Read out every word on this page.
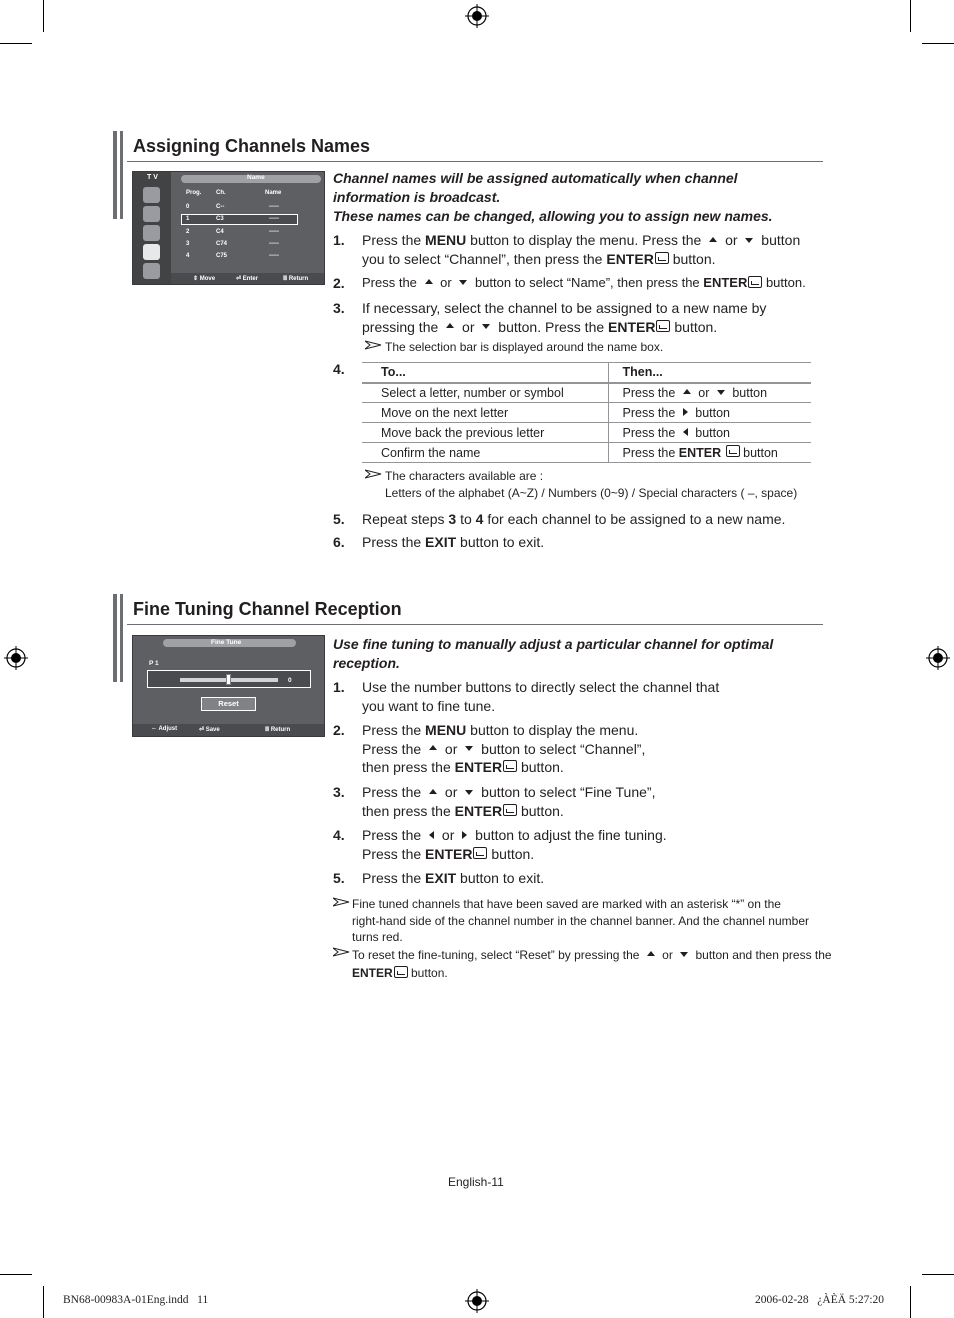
Assigning Channels Names
T V	Name
Prog. Ch.	Name
0	C--	-----
1	C3	-----
2	C4	-----
3	C74	-----
4	C75	-----
⇕ Move	⏎ Enter	Ⅲ Return
Channel names will be assigned automatically when channel
information is broadcast.
These names can be changed, allowing you to assign new names.
1. Press the MENU button to display the menu. Press the  or  button
you to select “Channel”, then press the ENTER button.
2. Press the  or  button to select “Name”, then press the ENTER button.
3. If necessary, select the channel to be assigned to a new name by
pressing the  or  button. Press the ENTER button.
The selection bar is displayed around the name box.
4.	To...	Then...
Select a letter, number or symbol	Press the  or  button
Move on the next letter	Press the  button
Move back the previous letter	Press the  button
Confirm the name	Press the ENTER  button
The characters available are :
Letters of the alphabet (A~Z) / Numbers (0~9) / Special characters ( –, space)
5. Repeat steps 3 to 4 for each channel to be assigned to a new name.
6. Press the EXIT button to exit.
Fine Tuning Channel Reception
Fine Tune
P 1
0
Reset
⇔ Adjust	⏎ Save	Ⅲ Return
Use fine tuning to manually adjust a particular channel for optimal
reception.
1. Use the number buttons to directly select the channel that
you want to fine tune.
2. Press the MENU button to display the menu.
Press the  or  button to select “Channel”,
then press the ENTER button.
3. Press the  or  button to select “Fine Tune”,
then press the ENTER button.
4. Press the  or  button to adjust the fine tuning.
Press the ENTER button.
5. Press the EXIT button to exit.
Fine tuned channels that have been saved are marked with an asterisk “*” on the
right-hand side of the channel number in the channel banner. And the channel number
turns red.
To reset the fine-tuning, select “Reset” by pressing the  or  button and then press the
ENTER button.
English-11
BN68-00983A-01Eng.indd   11	2006-02-28   ¿ÀÈÄ 5:27:20
